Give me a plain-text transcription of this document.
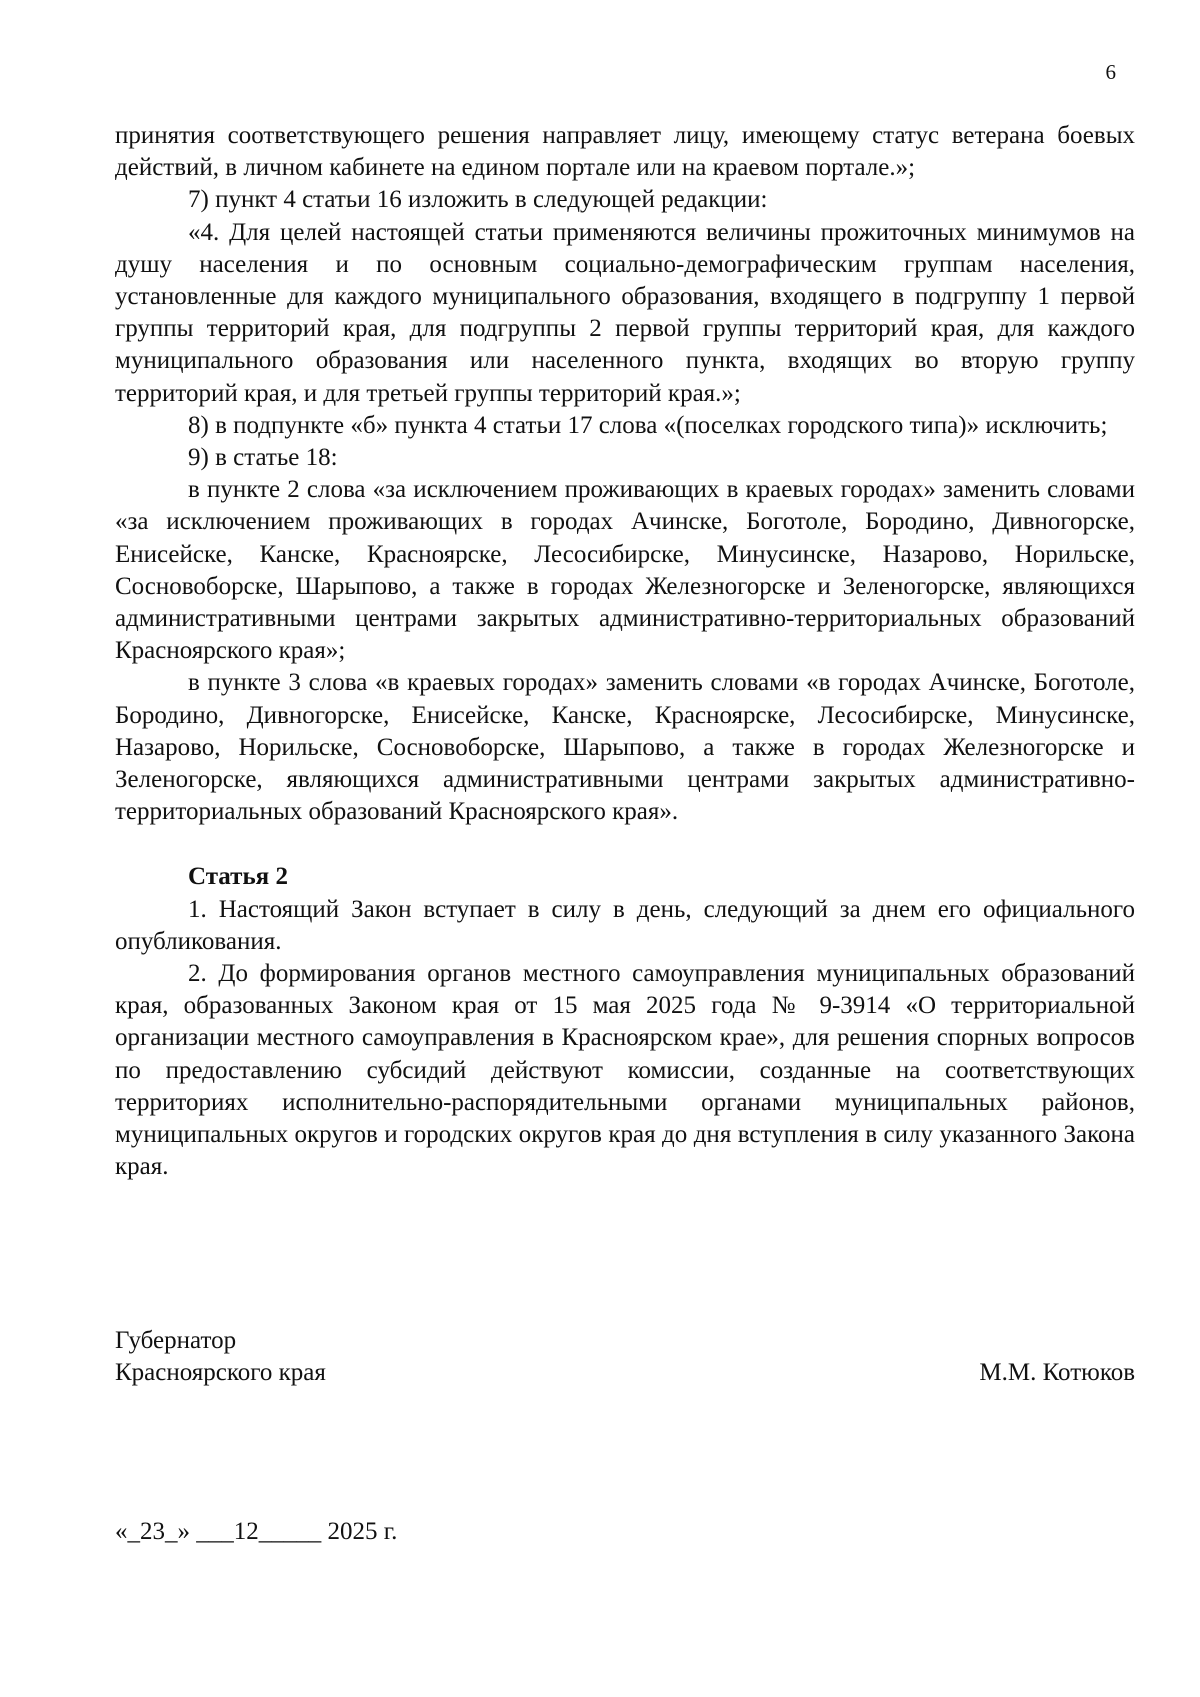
6

принятия соответствующего решения направляет лицу, имеющему статус ветерана боевых действий, в личном кабинете на едином портале или на краевом портале.»;

7) пункт 4 статьи 16 изложить в следующей редакции:

«4. Для целей настоящей статьи применяются величины прожиточных минимумов на душу населения и по основным социально-демографическим группам населения, установленные для каждого муниципального образования, входящего в подгруппу 1 первой группы территорий края, для подгруппы 2 первой группы территорий края, для каждого муниципального образования или населенного пункта, входящих во вторую группу территорий края, и для третьей группы территорий края.»;

8) в подпункте «б» пункта 4 статьи 17 слова «(поселках городского типа)» исключить;

9) в статье 18:

в пункте 2 слова «за исключением проживающих в краевых городах» заменить словами «за исключением проживающих в городах Ачинске, Боготоле, Бородино, Дивногорске, Енисейске, Канске, Красноярске, Лесосибирске, Минусинске, Назарово, Норильске, Сосновоборске, Шарыпово, а также в городах Железногорске и Зеленогорске, являющихся административными центрами закрытых административно-территориальных образований Красноярского края»;

в пункте 3 слова «в краевых городах» заменить словами «в городах Ачинске, Боготоле, Бородино, Дивногорске, Енисейске, Канске, Красноярске, Лесосибирске, Минусинске, Назарово, Норильске, Сосновоборске, Шарыпово, а также в городах Железногорске и Зеленогорске, являющихся административными центрами закрытых административно-территориальных образований Красноярского края».

Статья 2

1. Настоящий Закон вступает в силу в день, следующий за днем его официального опубликования.

2. До формирования органов местного самоуправления муниципальных образований края, образованных Законом края от 15 мая 2025 года № 9-3914 «О территориальной организации местного самоуправления в Красноярском крае», для решения спорных вопросов по предоставлению субсидий действуют комиссии, созданные на соответствующих территориях исполнительно-распорядительными органами муниципальных районов, муниципальных округов и городских округов края до дня вступления в силу указанного Закона края.

Губернатор
Красноярского края	М.М. Котюков
«_23_» ___12_____ 2025 г.
